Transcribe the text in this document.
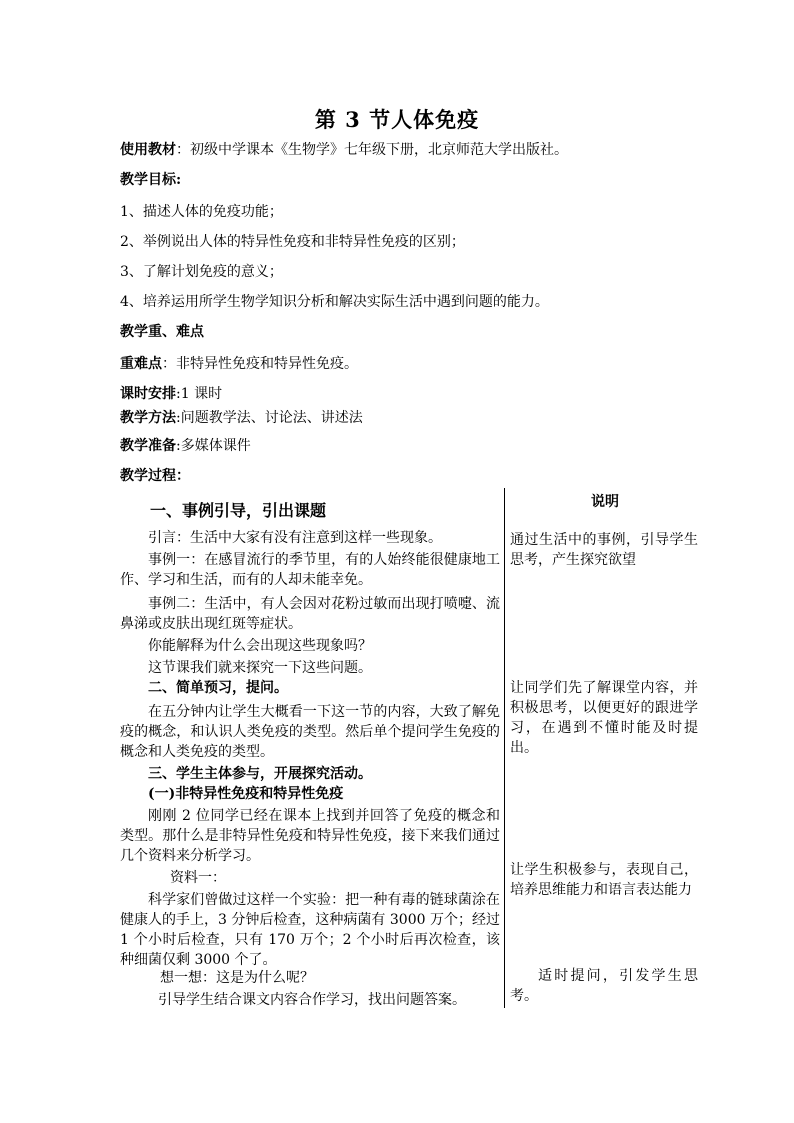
第 3 节人体免疫
使用教材：初级中学课本《生物学》七年级下册，北京师范大学出版社。
教学目标:
1、描述人体的免疫功能；
2、举例说出人体的特异性免疫和非特异性免疫的区别；
3、了解计划免疫的意义；
4、培养运用所学生物学知识分析和解决实际生活中遇到问题的能力。
教学重、难点
重难点：非特异性免疫和特异性免疫。
课时安排:1 课时
教学方法:问题教学法、讨论法、讲述法
教学准备:多媒体课件
教学过程：
一、事例引导，引出课题
引言：生活中大家有没有注意到这样一些现象。
事例一：在感冒流行的季节里，有的人始终能很健康地工作、学习和生活，而有的人却未能幸免。
事例二：生活中，有人会因对花粉过敏而出现打喷嚏、流鼻涕或皮肤出现红斑等症状。
你能解释为什么会出现这些现象吗？
这节课我们就来探究一下这些问题。
二、简单预习，提问。
在五分钟内让学生大概看一下这一节的内容，大致了解免疫的概念，和认识人类免疫的类型。然后单个提问学生免疫的概念和人类免疫的类型。
三、学生主体参与，开展探究活动。
(一)非特异性免疫和特异性免疫
刚刚 2 位同学已经在课本上找到并回答了免疫的概念和类型。那什么是非特异性免疫和特异性免疫，接下来我们通过几个资料来分析学习。
资料一：
科学家们曾做过这样一个实验：把一种有毒的链球菌涂在健康人的手上，3 分钟后检查，这种病菌有 3000 万个；经过 1 个小时后检查，只有 170 万个；2 个小时后再次检查，该种细菌仅剩 3000 个了。
想一想：这是为什么呢？
引导学生结合课文内容合作学习，找出问题答案。
说明
通过生活中的事例，引导学生思考，产生探究欲望
让同学们先了解课堂内容，并积极思考，以便更好的跟进学习，在遇到不懂时能及时提出。
让学生积极参与，表现自己，培养思维能力和语言表达能力
适时提问，引发学生思考。
